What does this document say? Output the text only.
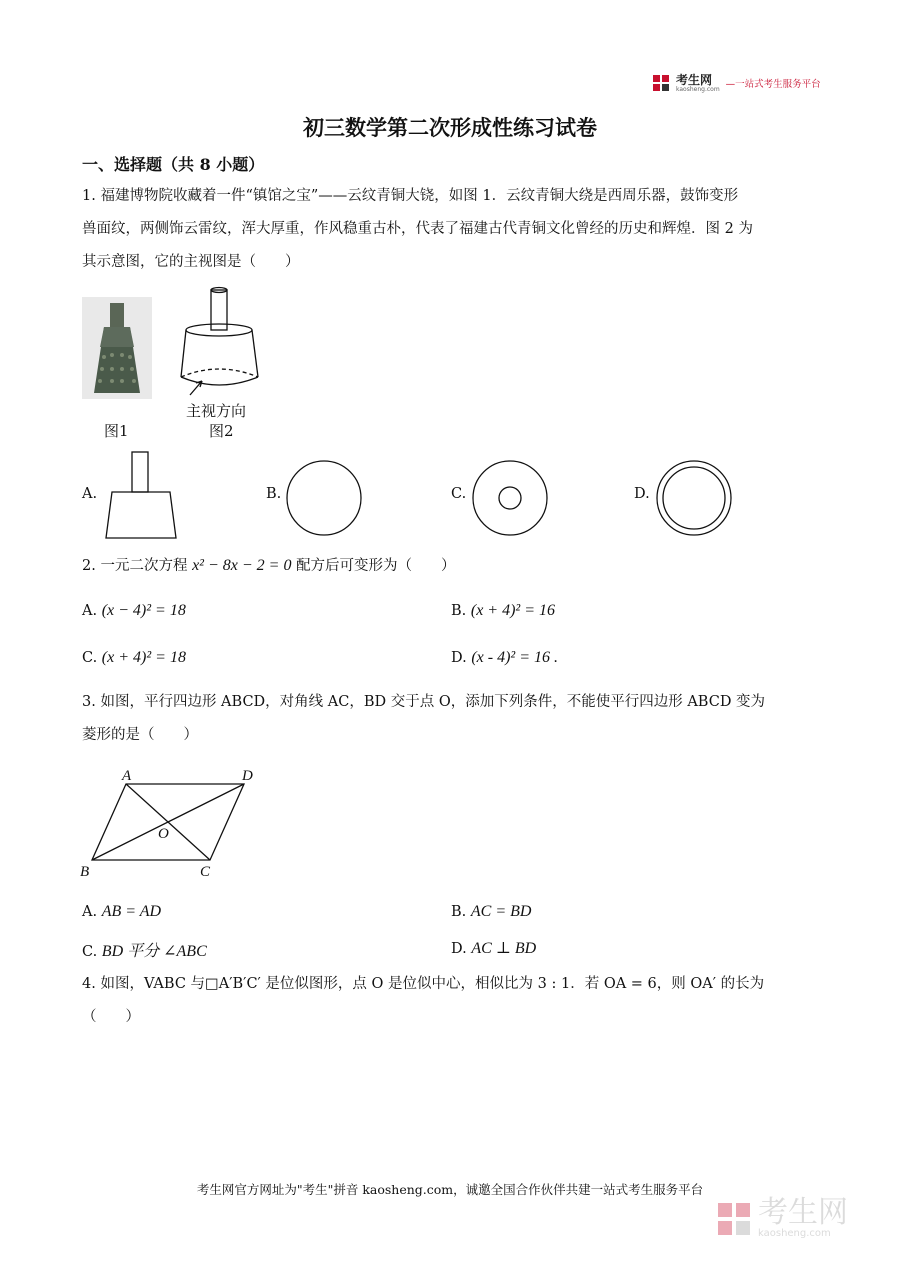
考生网
kaosheng.com —一站式考生服务平台
初三数学第二次形成性练习试卷
一、选择题（共 8 小题）
1. 福建博物院收藏着一件“镇馆之宝”——云纹青铜大铙，如图 1．云纹青铜大绕是西周乐器，鼓饰变形
兽面纹，两侧饰云雷纹，浑大厚重，作风稳重古朴，代表了福建古代青铜文化曾经的历史和辉煌．图 2 为
其示意图，它的主视图是（　　）
图1
主视方向
图2
A.	B.	C.	D.
2. 一元二次方程 x² − 8x − 2 = 0 配方后可变形为（　　）
A. (x − 4)² = 18	B. (x + 4)² = 16
C. (x + 4)² = 18	D. (x - 4)² = 16 .
3. 如图，平行四边形 ABCD，对角线 AC，BD 交于点 O，添加下列条件，不能使平行四边形 ABCD 变为
菱形的是（　　）
A	D
B	C
O
A. AB = AD	B. AC = BD
C. BD 平分 ∠ABC	D. AC ⊥ BD
4. 如图，VABC 与□A′B′C′ 是位似图形，点 O 是位似中心，相似比为 3 : 1．若 OA = 6，则 OA′ 的长为
（　　）
考生网官方网址为"考生"拼音 kaosheng.com，诚邀全国合作伙伴共建一站式考生服务平台
考生网
kaosheng.com
